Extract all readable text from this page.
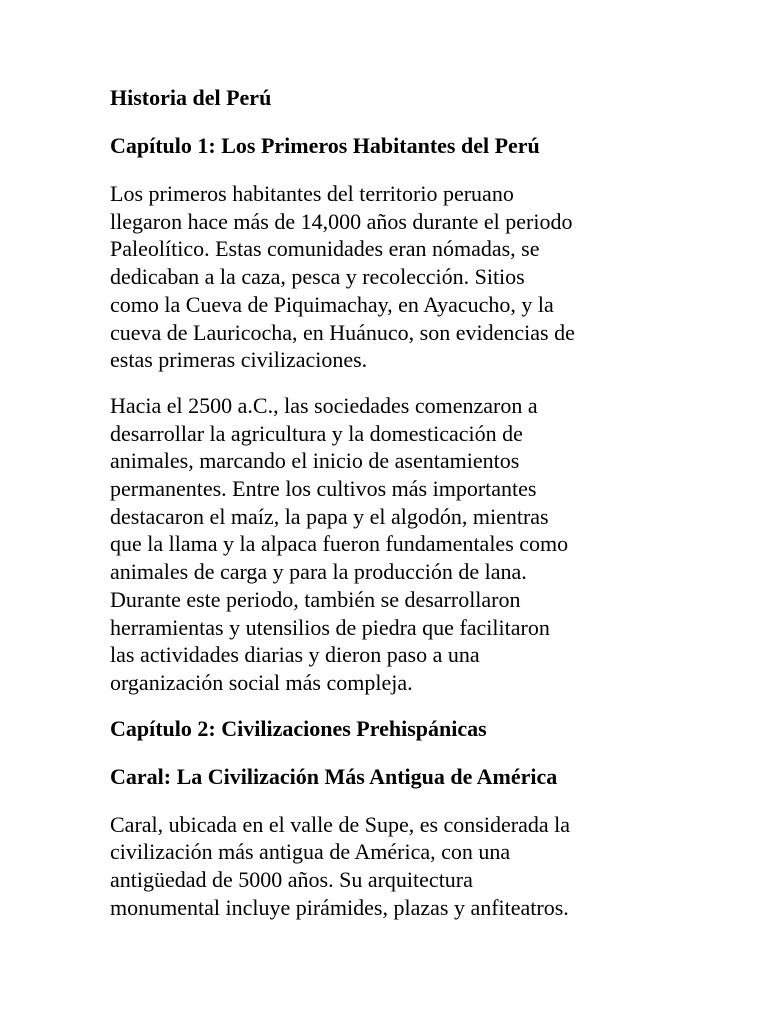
Historia del Perú
Capítulo 1: Los Primeros Habitantes del Perú
Los primeros habitantes del territorio peruano
llegaron hace más de 14,000 años durante el periodo
Paleolítico. Estas comunidades eran nómadas, se
dedicaban a la caza, pesca y recolección. Sitios
como la Cueva de Piquimachay, en Ayacucho, y la
cueva de Lauricocha, en Huánuco, son evidencias de
estas primeras civilizaciones.
Hacia el 2500 a.C., las sociedades comenzaron a
desarrollar la agricultura y la domesticación de
animales, marcando el inicio de asentamientos
permanentes. Entre los cultivos más importantes
destacaron el maíz, la papa y el algodón, mientras
que la llama y la alpaca fueron fundamentales como
animales de carga y para la producción de lana.
Durante este periodo, también se desarrollaron
herramientas y utensilios de piedra que facilitaron
las actividades diarias y dieron paso a una
organización social más compleja.
Capítulo 2: Civilizaciones Prehispánicas
Caral: La Civilización Más Antigua de América
Caral, ubicada en el valle de Supe, es considerada la
civilización más antigua de América, con una
antigüedad de 5000 años. Su arquitectura
monumental incluye pirámides, plazas y anfiteatros.
